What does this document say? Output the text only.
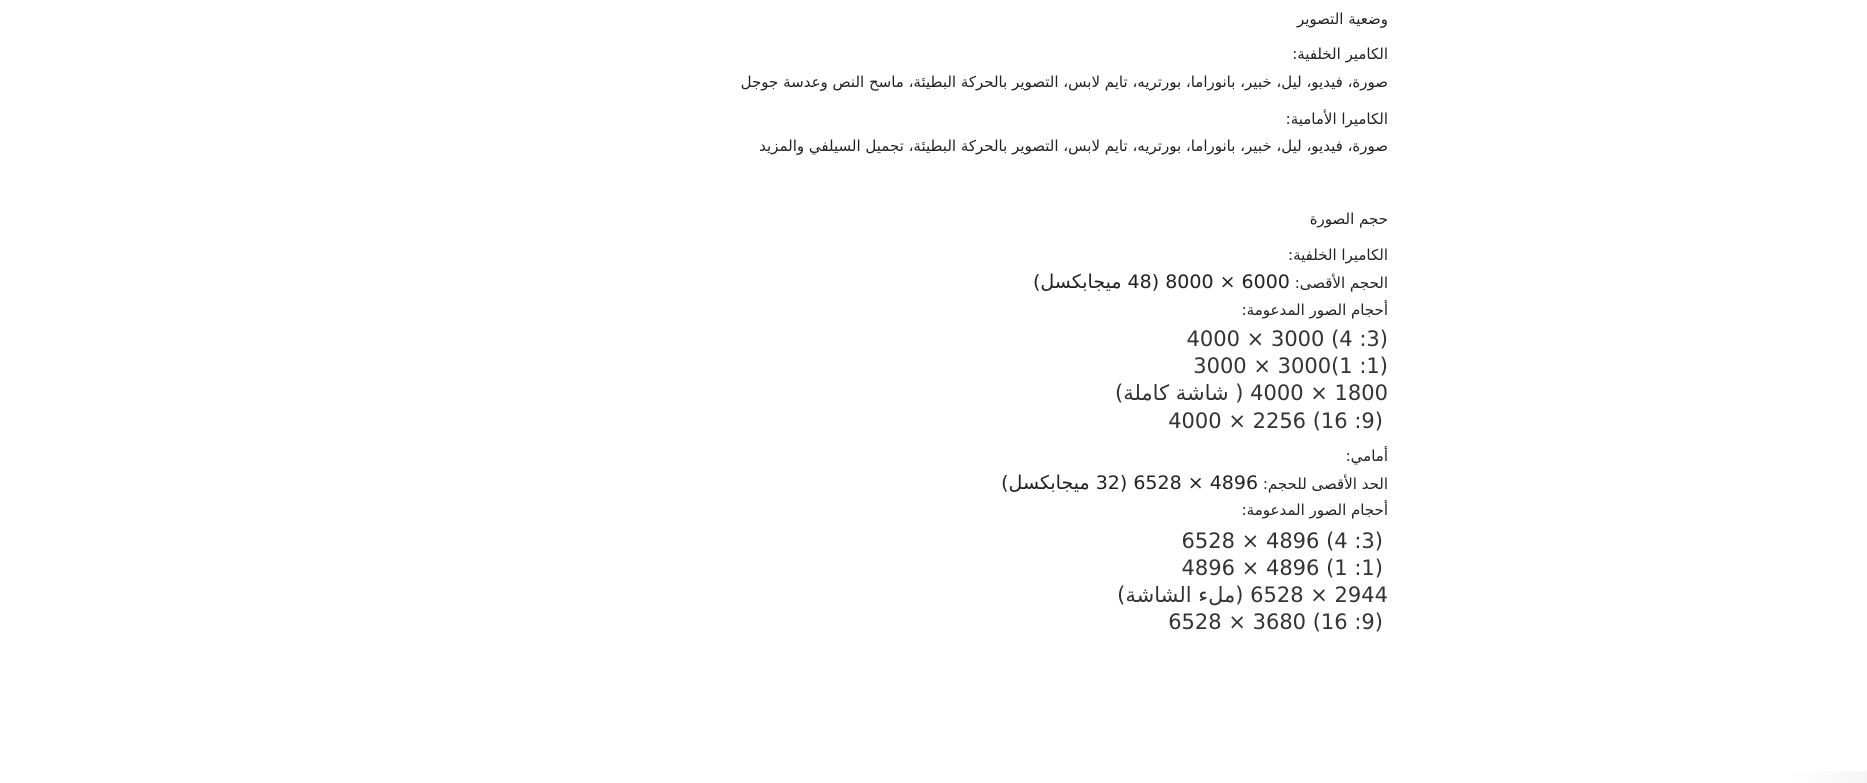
وضعية التصوير
الكامير الخلفية:
صورة، فيديو، ليل، خبير، بانوراما، بورتريه، تايم لابس، التصوير بالحركة البطيئة، ماسح النص وعدسة جوجل
الكاميرا الأمامية:
صورة، فيديو، ليل، خبير، بانوراما، بورتريه، تايم لابس، التصوير بالحركة البطيئة، تجميل السيلفي والمزيد
حجم الصورة
الكاميرا الخلفية:
الحجم الأقصى: 6000 × 8000 (48 ميجابكسل)
أحجام الصور المدعومة:
(3: 4) 3000 × 4000
(1: 1)3000 × 3000
1800 × 4000 ( شاشة كاملة)
(9: 16) 2256 × 4000
أمامي:
الحد الأقصى للحجم: 4896 × 6528 (32 ميجابكسل)
أحجام الصور المدعومة:
(3: 4) 4896 × 6528
(1: 1) 4896 × 4896
2944 × 6528 (ملء الشاشة)
(9: 16) 3680 × 6528
